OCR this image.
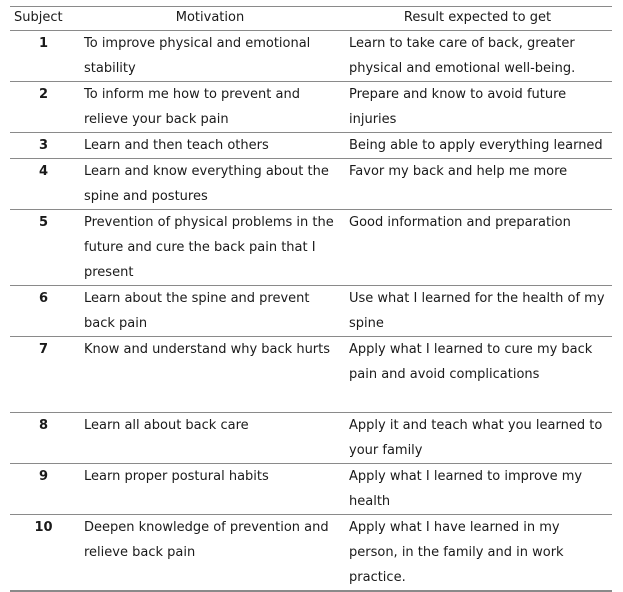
Subject	Motivation	Result expected to get
1	To improve physical and emotional stability	Learn to take care of back, greater physical and emotional well-being.
2	To inform me how to prevent and relieve your back pain	Prepare and know to avoid future injuries
3	Learn and then teach others	Being able to apply everything learned
4	Learn and know everything about the spine and postures	Favor my back and help me more
5	Prevention of physical problems in the future and cure the back pain that I present	Good information and preparation
6	Learn about the spine and prevent back pain	Use what I learned for the health of my spine
7	Know and understand why back hurts	Apply what I learned to cure my back pain and avoid complications
8	Learn all about back care	Apply it and teach what you learned to your family
9	Learn proper postural habits	Apply what I learned to improve my health
10	Deepen knowledge of prevention and relieve back pain	Apply what I have learned in my person, in the family and in work practice.
